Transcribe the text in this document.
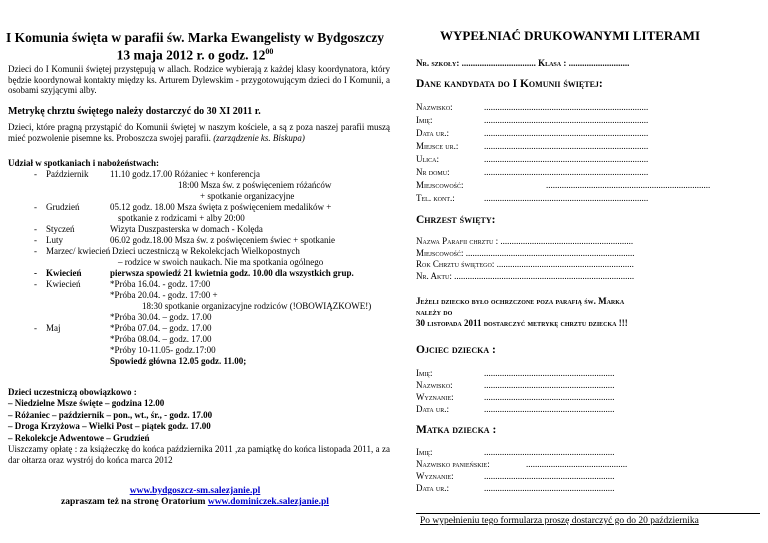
I Komunia święta w parafii św. Marka Ewangelisty w Bydgoszczy
13 maja 2012 r. o godz. $12^{00}$
Dzieci do I Komunii świętej przystępują w allach. Rodzice wybierają z każdej klasy koordynatora, który będzie koordynował kontakty między ks. Arturem Dylewskim - przygotowującym dzieci do I Komunii, a osobami szyjącymi alby.
Metrykę chrztu świętego należy dostarczyć do 30 XI 2011 r.
Dzieci, które pragną przystąpić do Komunii świętej w naszym kościele, a są z poza naszej parafii muszą mieć pozwolenie pisemne ks. Proboszcza swojej parafii. (zarządzenie ks. Biskupa)
Udział w spotkaniach i nabożeństwach:
- Październik 11.10 godz.17.00 Różaniec + konferencja
18:00 Msza św. z poświęceniem różańców
+ spotkanie organizacyjne
- Grudzień	05.12 godz. 18.00 Msza święta z poświęceniem medalików +
spotkanie z rodzicami + alby 20:00
- Styczeń	Wizyta Duszpasterska w domach - Kolęda
- Luty	06.02 godz.18.00 Msza św. z poświęceniem świec + spotkanie
- Marzec/ kwiecień Dzieci uczestniczą w Rekolekcjach Wielkopostnych
– rodzice w swoich naukach. Nie ma spotkania ogólnego
- Kwiecień	pierwsza spowiedź 21 kwietnia godz. 10.00 dla wszystkich grup.
- Kwiecień	*Próba 16.04. - godz. 17:00
*Próba 20.04. - godz. 17:00 +
18:30 spotkanie organizacyjne rodziców (!OBOWIĄZKOWE!)
*Próba 30.04. – godz. 17.00
- Maj	*Próba 07.04. – godz. 17.00
*Próba 08.04. – godz. 17.00
*Próby 10-11.05- godz.17:00
Spowiedź główna 12.05 godz. 11.00;
Dzieci uczestniczą obowiązkowo :
– Niedzielne Msze święte – godzina 12.00
– Różaniec – październik – pon., wt., śr., - godz. 17.00
– Droga Krzyżowa – Wielki Post – piątek godz. 17.00
– Rekolekcje Adwentowe – Grudzień
Uiszczamy opłatę : za książeczkę do końca października 2011 ,za pamiątkę do końca listopada 2011, a za dar ołtarza oraz wystrój do końca marca 2012
www.bydgoszcz-sm.salezjanie.pl
zapraszam też na stronę Oratorium www.dominiczek.salezjanie.pl
WYPEŁNIAĆ DRUKOWANYMI LITERAMI
Nr. szkoły: ................................. Klasa : ...........................
Dane kandydata do I Komunii świętej:
Nazwisko:	.........................................................................
Imię:	.........................................................................
Data ur.:	.........................................................................
Miejsce ur.:	.........................................................................
Ulica:	.........................................................................
Nr domu:	.........................................................................
Miejscowość:	.........................................................................
Tel. kont.:	.........................................................................
Chrzest święty:
Nazwa Parafii chrztu : ...........................................................
Miejscowość: ...........................................................................
Rok Chrztu świętego: .............................................................
Nr. Aktu: ................................................................................
Jeżeli dziecko było ochrzczone poza parafią św. Marka
należy do
30 listopada 2011 dostarczyć metrykę chrztu dziecka !!!
Ojciec dziecka :
Imię:	..........................................................
Nazwisko:	..........................................................
Wyznanie:	..........................................................
Data ur.:	..........................................................
Matka dziecka :
Imię:	..........................................................
Nazwisko panieńskie:	.............................................
Wyznanie:	..........................................................
Data ur.:	..........................................................
Po wypełnieniu tego formularza proszę dostarczyć go do 20 października
